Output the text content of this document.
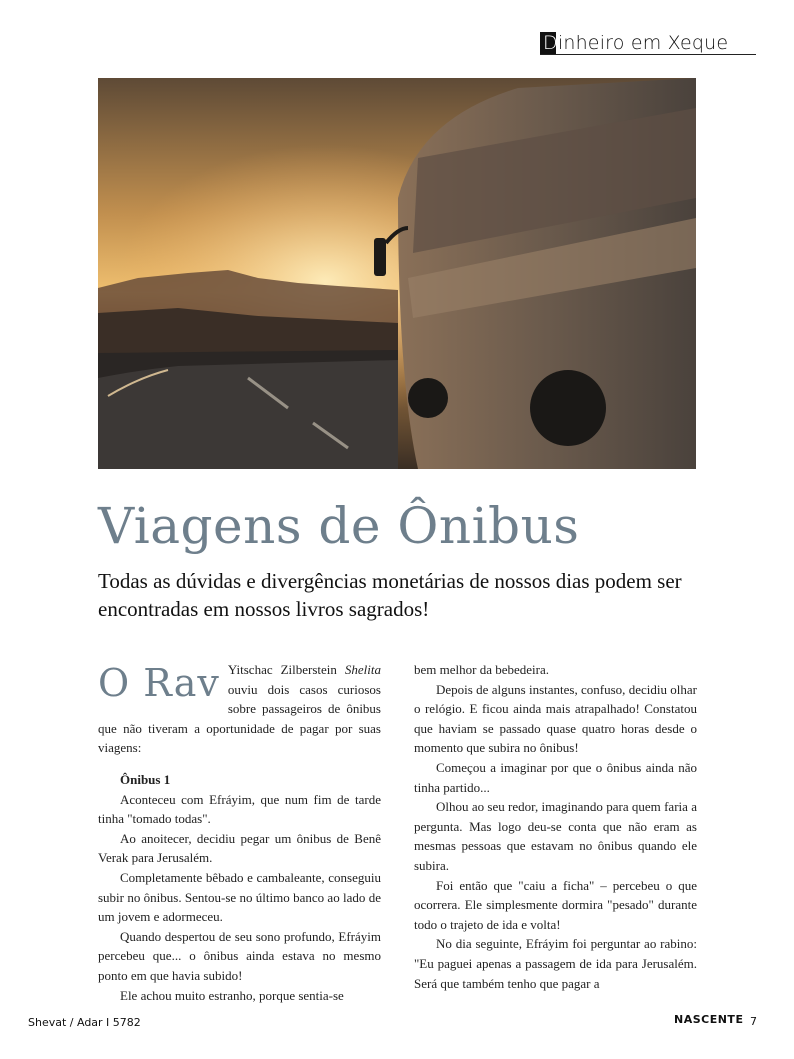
Dinheiro em Xeque
Viagens de Ônibus
Todas as dúvidas e divergências monetárias de nossos dias podem ser encontradas em nossos livros sagrados!

O Rav Yitschac Zilberstein Shelita ouviu dois casos curiosos sobre passageiros de ônibus que não tiveram a oportunidade de pagar por suas viagens:

Ônibus 1

Aconteceu com Efráyim, que num fim de tarde tinha "tomado todas".

Ao anoitecer, decidiu pegar um ônibus de Benê Verak para Jerusalém.

Completamente bêbado e cambaleante, conseguiu subir no ônibus. Sentou-se no último banco ao lado de um jovem e adormeceu.

Quando despertou de seu sono profundo, Efráyim percebeu que... o ônibus ainda estava no mesmo ponto em que havia subido!

Ele achou muito estranho, porque sentia-se

bem melhor da bebedeira.

Depois de alguns instantes, confuso, decidiu olhar o relógio. E ficou ainda mais atrapalhado! Constatou que haviam se passado quase quatro horas desde o momento que subira no ônibus!

Começou a imaginar por que o ônibus ainda não tinha partido...

Olhou ao seu redor, imaginando para quem faria a pergunta. Mas logo deu-se conta que não eram as mesmas pessoas que estavam no ônibus quando ele subira.

Foi então que "caiu a ficha" – percebeu o que ocorrera. Ele simplesmente dormira "pesado" durante todo o trajeto de ida e volta!

No dia seguinte, Efráyim foi perguntar ao rabino: "Eu paguei apenas a passagem de ida para Jerusalém. Será que também tenho que pagar a

Shevat / Adar I 5782	NASCENTE 7
